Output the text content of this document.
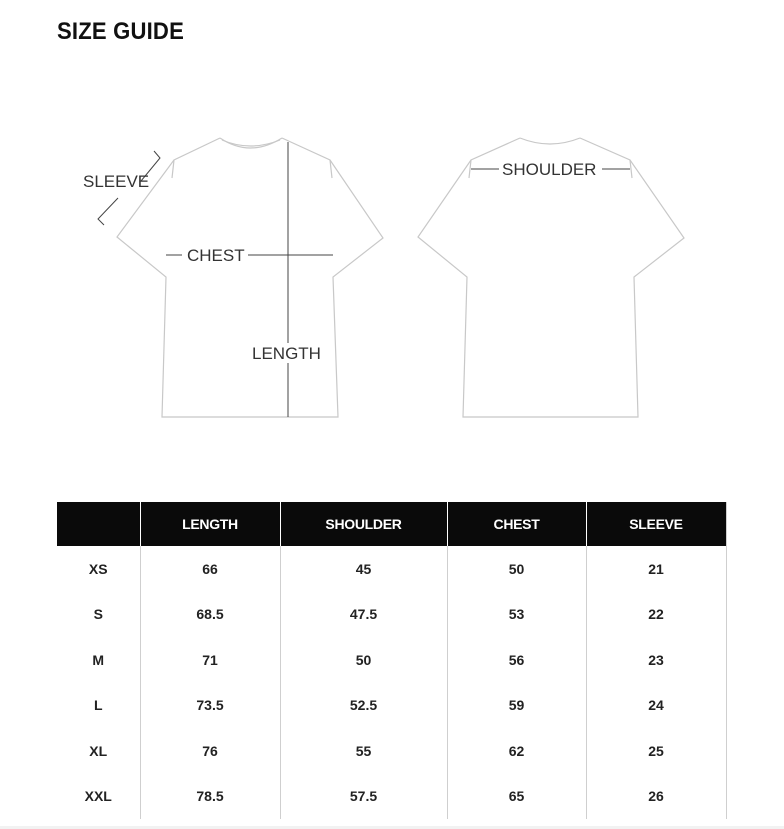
SIZE GUIDE
SLEEVE
CHEST
LENGTH
SHOULDER
	LENGTH	SHOULDER	CHEST	SLEEVE
XS	66	45	50	21
S	68.5	47.5	53	22
M	71	50	56	23
L	73.5	52.5	59	24
XL	76	55	62	25
XXL	78.5	57.5	65	26
